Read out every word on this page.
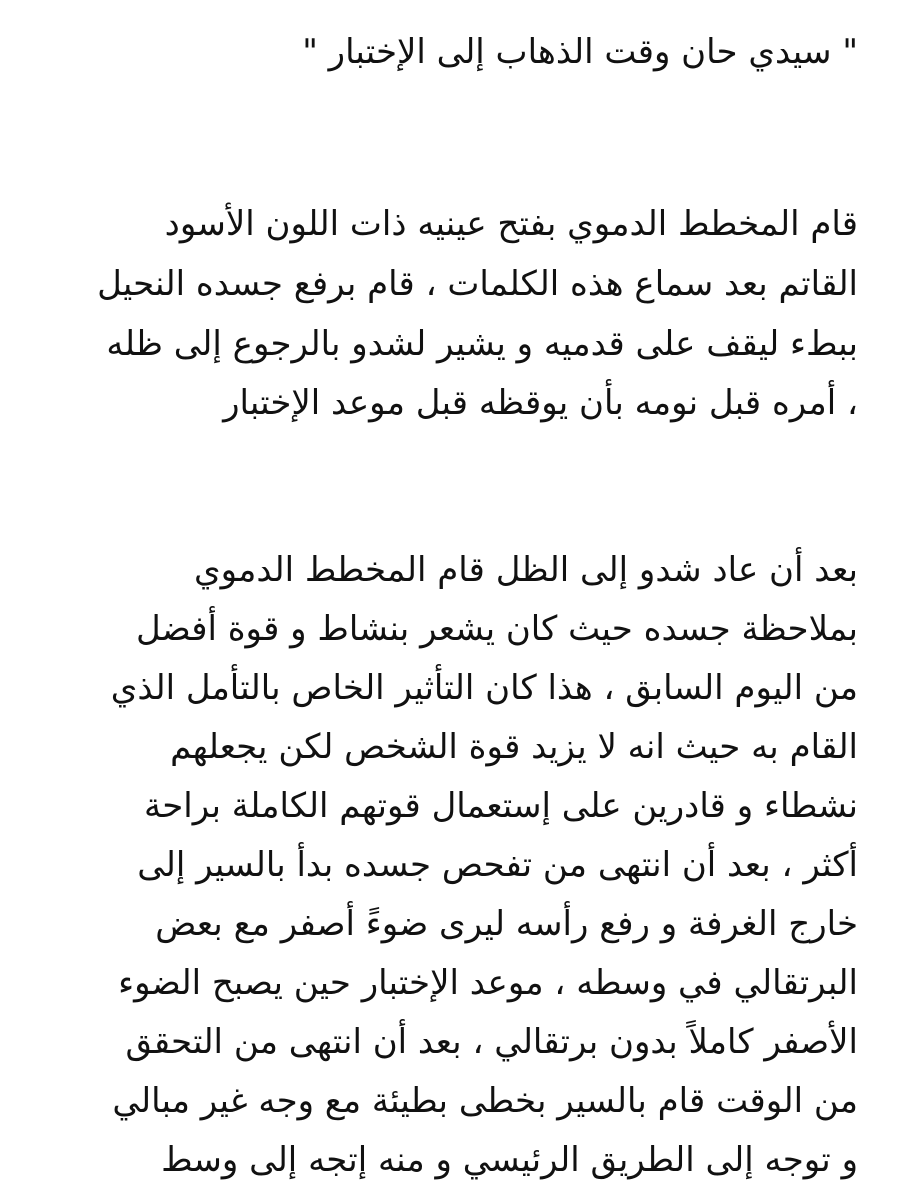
" سيدي حان وقت الذهاب إلى الإختبار "
قام المخطط الدموي بفتح عينيه ذات اللون الأسود
القاتم بعد سماع هذه الكلمات ، قام برفع جسده النحيل
ببطء ليقف على قدميه و يشير لشدو بالرجوع إلى ظله
، أمره قبل نومه بأن يوقظه قبل موعد الإختبار
بعد أن عاد شدو إلى الظل قام المخطط الدموي
بملاحظة جسده حيث كان يشعر بنشاط و قوة أفضل
من اليوم السابق ، هذا كان التأثير الخاص بالتأمل الذي
القام به حيث انه لا يزيد قوة الشخص لكن يجعلهم
نشطاء و قادرين على إستعمال قوتهم الكاملة براحة
أكثر ، بعد أن انتهى من تفحص جسده بدأ بالسير إلى
خارج الغرفة و رفع رأسه ليرى ضوءً أصفر مع بعض
البرتقالي في وسطه ، موعد الإختبار حين يصبح الضوء
الأصفر كاملاً بدون برتقالي ، بعد أن انتهى من التحقق
من الوقت قام بالسير بخطى بطيئة مع وجه غير مبالي
و توجه إلى الطريق الرئيسي و منه إتجه إلى وسط
